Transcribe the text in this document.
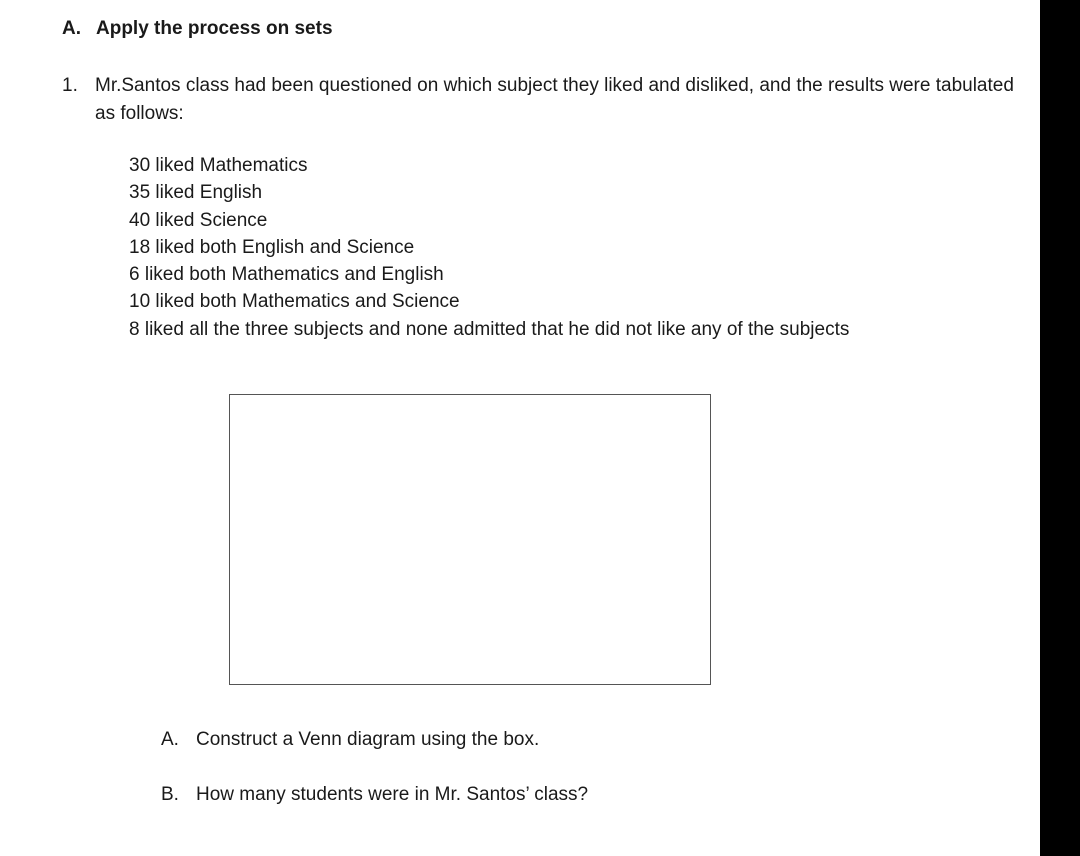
A. Apply the process on sets
1. Mr.Santos class had been questioned on which subject they liked and disliked, and the results were tabulated as follows:
30 liked Mathematics
35 liked English
40 liked Science
18 liked both English and Science
6 liked both Mathematics and English
10 liked both Mathematics and Science
8 liked all the three subjects and none admitted that he did not like any of the subjects
A. Construct a Venn diagram using the box.
B. How many students were in Mr. Santos’ class?
